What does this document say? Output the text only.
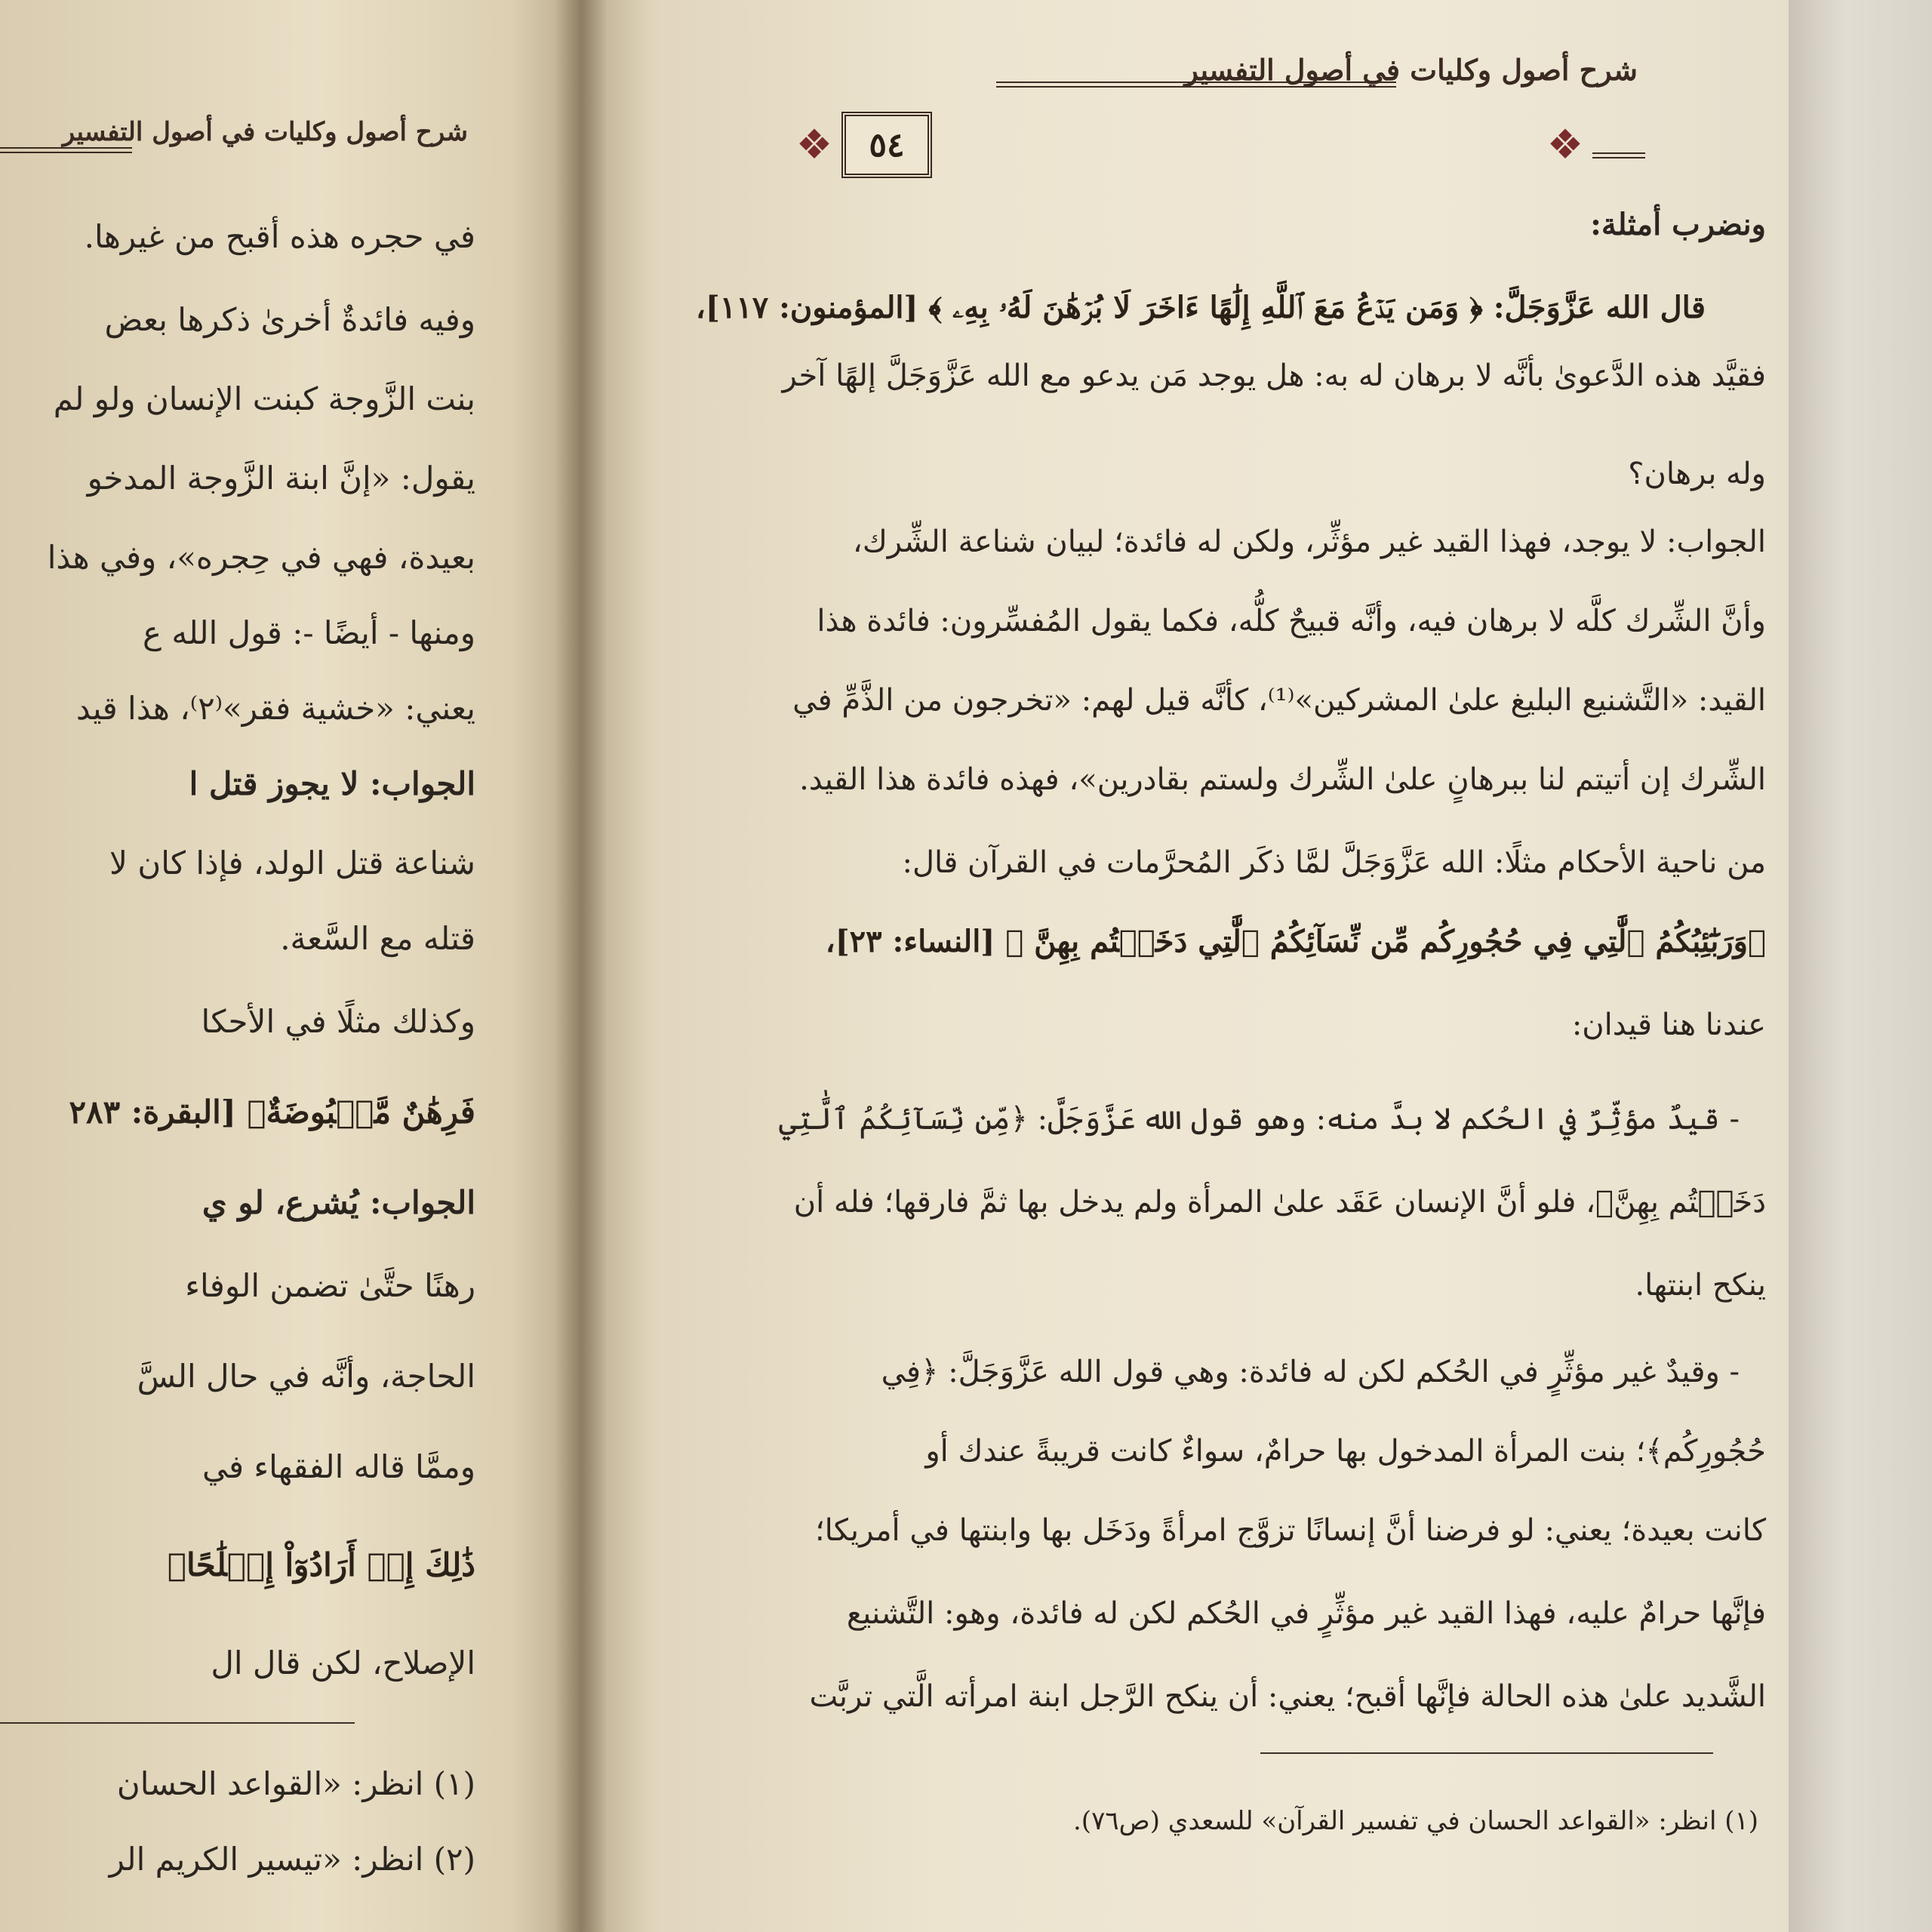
شرح أصول وكليات في أصول التفسير
في حجره هذه أقبح من غيرها.
وفيه فائدةٌ أخرىٰ ذكرها بعض
بنت الزَّوجة كبنت الإنسان ولو لم
يقول: «إنَّ ابنة الزَّوجة المدخو
بعيدة، فهي في حِجره»، وفي هذا
ومنها - أيضًا -: قول الله ع
يعني: «خشية فقر»⁽٢⁾، هذا قيد
الجواب: لا يجوز قتل ا
شناعة قتل الولد، فإذا كان لا
قتله مع السَّعة.
وكذلك مثلًا في الأحكا
فَرِهَٰنٌ مَّقۡبُوضَةٌ﴾ [البقرة: ٢٨٣
الجواب: يُشرع، لو ي
رهنًا حتَّىٰ تضمن الوفاء
الحاجة، وأنَّه في حال السَّ
وممَّا قاله الفقهاء في
ذَٰلِكَ إِنۡ أَرَادُوٓاْ إِصۡلَٰحًا﴾
الإصلاح، لكن قال ال
(١) انظر: «القواعد الحسان
(٢) انظر: «تيسير الكريم الر
شرح أصول وكليات في أصول التفسير
❖	٥٤	❖
ونضرب أمثلة:
قال الله عَزَّوَجَلَّ: ﴿ وَمَن يَدۡعُ مَعَ ٱللَّهِ إِلَٰهًا ءَاخَرَ لَا بُرۡهَٰنَ لَهُۥ بِهِۦ ﴾ [المؤمنون: ١١٧]،
فقيَّد هذه الدَّعوىٰ بأنَّه لا برهان له به: هل يوجد مَن يدعو مع الله عَزَّوَجَلَّ إلهًا آخر
وله برهان؟
الجواب: لا يوجد، فهذا القيد غير مؤثِّر، ولكن له فائدة؛ لبيان شناعة الشِّرك،
وأنَّ الشِّرك كلَّه لا برهان فيه، وأنَّه قبيحٌ كلُّه، فكما يقول المُفسِّرون: فائدة هذا
القيد: «التَّشنيع البليغ علىٰ المشركين»⁽¹⁾، كأنَّه قيل لهم: «تخرجون من الذَّمِّ في
الشِّرك إن أتيتم لنا ببرهانٍ علىٰ الشِّرك ولستم بقادرين»، فهذه فائدة هذا القيد.
من ناحية الأحكام مثلًا: الله عَزَّوَجَلَّ لمَّا ذكَر المُحرَّمات في القرآن قال:
﴿وَرَبَٰٓئِبُكُمُ ٱلَّٰتِي فِي حُجُورِكُم مِّن نِّسَآئِكُمُ ٱلَّٰتِي دَخَلۡتُم بِهِنَّ ﴾ [النساء: ٢٣]،
عندنا هنا قيدان:
- قيدٌ مؤثِّرٌ في الحُكم لا بدَّ منه: وهو قول الله عَزَّوَجَلَّ: ﴿مِّن نِّسَآئِكُمُ ٱلَّٰتِي
دَخَلۡتُم بِهِنَّ﴾، فلو أنَّ الإنسان عَقَد علىٰ المرأة ولم يدخل بها ثمَّ فارقها؛ فله أن
ينكح ابنتها.
- وقيدٌ غير مؤثِّرٍ في الحُكم لكن له فائدة: وهي قول الله عَزَّوَجَلَّ: ﴿فِي
حُجُورِكُم﴾؛ بنت المرأة المدخول بها حرامٌ، سواءٌ كانت قريبةً عندك أو
كانت بعيدة؛ يعني: لو فرضنا أنَّ إنسانًا تزوَّج امرأةً ودَخَل بها وابنتها في أمريكا؛
فإنَّها حرامٌ عليه، فهذا القيد غير مؤثِّرٍ في الحُكم لكن له فائدة، وهو: التَّشنيع
الشَّديد علىٰ هذه الحالة فإنَّها أقبح؛ يعني: أن ينكح الرَّجل ابنة امرأته الَّتي تربَّت
(١) انظر: «القواعد الحسان في تفسير القرآن» للسعدي (ص٧٦).
